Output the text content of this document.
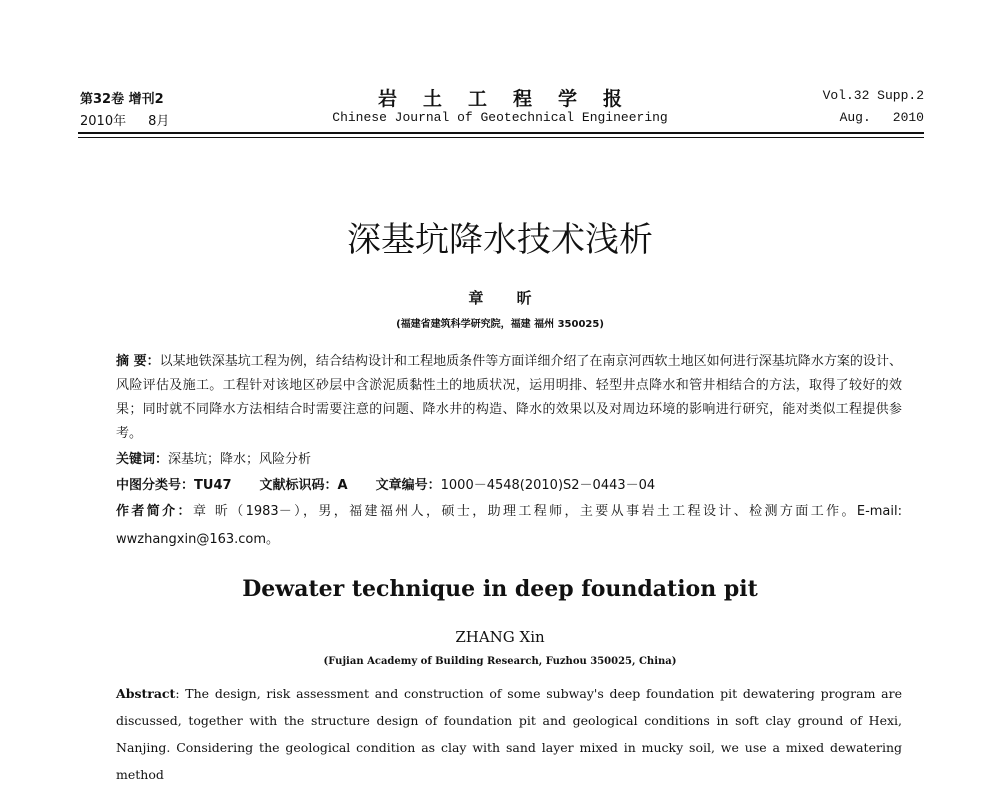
第32卷 增刊2
2010年 8月
岩土工程学报
Chinese Journal of Geotechnical Engineering
Vol.32 Supp.2
Aug. 2010
深基坑降水技术浅析
章 昕
(福建省建筑科学研究院，福建 福州 350025)
摘 要：以某地铁深基坑工程为例，结合结构设计和工程地质条件等方面详细介绍了在南京河西软土地区如何进行深基坑降水方案的设计、风险评估及施工。工程针对该地区砂层中含淤泥质黏性土的地质状况，运用明排、轻型井点降水和管井相结合的方法，取得了较好的效果；同时就不同降水方法相结合时需要注意的问题、降水井的构造、降水的效果以及对周边环境的影响进行研究，能对类似工程提供参考。
关键词：深基坑；降水；风险分析
中图分类号：TU47 文献标识码：A 文章编号：1000－4548(2010)S2－0443－04
作者简介：章 昕（1983－），男，福建福州人，硕士，助理工程师，主要从事岩土工程设计、检测方面工作。E-mail: wwzhangxin@163.com。
Dewater technique in deep foundation pit
ZHANG Xin
(Fujian Academy of Building Research, Fuzhou 350025, China)
Abstract: The design, risk assessment and construction of some subway's deep foundation pit dewatering program are discussed, together with the structure design of foundation pit and geological conditions in soft clay ground of Hexi, Nanjing. Considering the geological condition as clay with sand layer mixed in mucky soil, we use a mixed dewatering method
